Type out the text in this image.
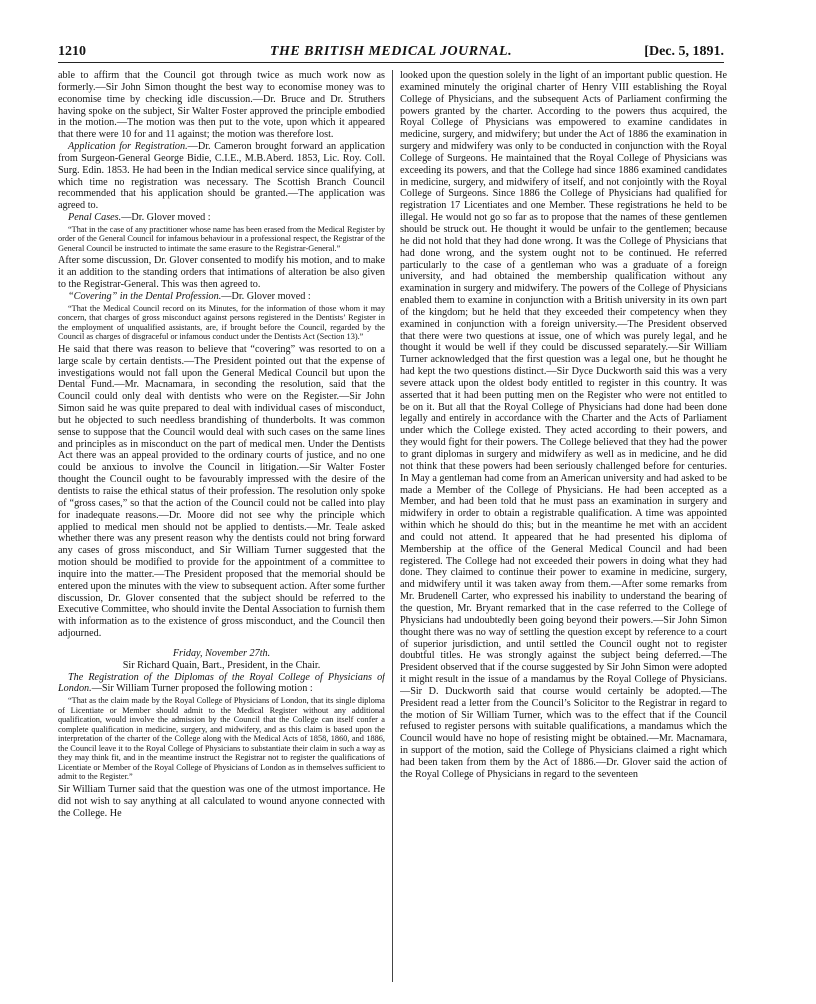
1210	THE BRITISH MEDICAL JOURNAL.	[Dec. 5, 1891.

able to affirm that the Council got through twice as much work now as formerly.—Sir John Simon thought the best way to economise money was to economise time by checking idle discussion.—Dr. Bruce and Dr. Struthers having spoke on the subject, Sir Walter Foster approved the principle embodied in the motion.—The motion was then put to the vote, upon which it appeared that there were 10 for and 11 against; the motion was therefore lost.

Application for Registration.—Dr. Cameron brought forward an application from Surgeon-General George Bidie, C.I.E., M.B.Aberd. 1853, Lic. Roy. Coll. Surg. Edin. 1853. He had been in the Indian medical service since qualifying, at which time no registration was necessary. The Scottish Branch Council recommended that his application should be granted.—The application was agreed to.

Penal Cases.—Dr. Glover moved :

“That in the case of any practitioner whose name has been erased from the Medical Register by order of the General Council for infamous behaviour in a professional respect, the Registrar of the General Council be instructed to intimate the same erasure to the Registrar-General.”

After some discussion, Dr. Glover consented to modify his motion, and to make it an addition to the standing orders that intimations of alteration be also given to the Registrar-General. This was then agreed to.

“Covering” in the Dental Profession.—Dr. Glover moved :

“That the Medical Council record on its Minutes, for the information of those whom it may concern, that charges of gross misconduct against persons registered in the Dentists’ Register in the employment of unqualified assistants, are, if brought before the Council, regarded by the Council as charges of disgraceful or infamous conduct under the Dentists Act (Section 13).”

He said that there was reason to believe that “covering” was resorted to on a large scale by certain dentists.—The President pointed out that the expense of investigations would not fall upon the General Medical Council but upon the Dental Fund.—Mr. Macnamara, in seconding the resolution, said that the Council could only deal with dentists who were on the Register.—Sir John Simon said he was quite prepared to deal with individual cases of misconduct, but he objected to such needless brandishing of thunderbolts. It was common sense to suppose that the Council would deal with such cases on the same lines and principles as in misconduct on the part of medical men. Under the Dentists Act there was an appeal provided to the ordinary courts of justice, and no one could be anxious to involve the Council in litigation.—Sir Walter Foster thought the Council ought to be favourably impressed with the desire of the dentists to raise the ethical status of their profession. The resolution only spoke of “gross cases,” so that the action of the Council could not be called into play for inadequate reasons.—Dr. Moore did not see why the principle which applied to medical men should not be applied to dentists.—Mr. Teale asked whether there was any present reason why the dentists could not bring forward any cases of gross misconduct, and Sir William Turner suggested that the motion should be modified to provide for the appointment of a committee to inquire into the matter.—The President proposed that the memorial should be entered upon the minutes with the view to subsequent action. After some further discussion, Dr. Glover consented that the subject should be referred to the Executive Committee, who should invite the Dental Association to furnish them with information as to the existence of gross misconduct, and the Council then adjourned.

Friday, November 27th.

Sir Richard Quain, Bart., President, in the Chair.

The Registration of the Diplomas of the Royal College of Physicians of London.—Sir William Turner proposed the following motion :

“That as the claim made by the Royal College of Physicians of London, that its single diploma of Licentiate or Member should admit to the Medical Register without any additional qualification, would involve the admission by the Council that the College can itself confer a complete qualification in medicine, surgery, and midwifery, and as this claim is based upon the interpretation of the charter of the College along with the Medical Acts of 1858, 1860, and 1886, the Council leave it to the Royal College of Physicians to substantiate their claim in such a way as they may think fit, and in the meantime instruct the Registrar not to register the qualifications of Licentiate or Member of the Royal College of Physicians of London as in themselves sufficient to admit to the Register.”

Sir William Turner said that the question was one of the utmost importance. He did not wish to say anything at all calculated to wound anyone connected with the College. He

looked upon the question solely in the light of an important public question. He examined minutely the original charter of Henry VIII establishing the Royal College of Physicians, and the subsequent Acts of Parliament confirming the powers granted by the charter. According to the powers thus acquired, the Royal College of Physicians was empowered to examine candidates in medicine, surgery, and midwifery; but under the Act of 1886 the examination in surgery and midwifery was only to be conducted in conjunction with the Royal College of Surgeons. He maintained that the Royal College of Physicians was exceeding its powers, and that the College had since 1886 examined candidates in medicine, surgery, and midwifery of itself, and not conjointly with the Royal College of Surgeons. Since 1886 the College of Physicians had qualified for registration 17 Licentiates and one Member. These registrations he held to be illegal. He would not go so far as to propose that the names of these gentlemen should be struck out. He thought it would be unfair to the gentlemen; because he did not hold that they had done wrong. It was the College of Physicians that had done wrong, and the system ought not to be continued. He referred particularly to the case of a gentleman who was a graduate of a foreign university, and had obtained the membership qualification without any examination in surgery and midwifery. The powers of the College of Physicians enabled them to examine in conjunction with a British university in its own part of the kingdom; but he held that they exceeded their competency when they examined in conjunction with a foreign university.—The President observed that there were two questions at issue, one of which was purely legal, and he thought it would be well if they could be discussed separately.—Sir William Turner acknowledged that the first question was a legal one, but he thought he had kept the two questions distinct.—Sir Dyce Duckworth said this was a very severe attack upon the oldest body entitled to register in this country. It was asserted that it had been putting men on the Register who were not entitled to be on it. But all that the Royal College of Physicians had done had been done legally and entirely in accordance with the Charter and the Acts of Parliament under which the College existed. They acted according to their powers, and they would fight for their powers. The College believed that they had the power to grant diplomas in surgery and midwifery as well as in medicine, and he did not think that these powers had been seriously challenged before for centuries. In May a gentleman had come from an American university and had asked to be made a Member of the College of Physicians. He had been accepted as a Member, and had been told that he must pass an examination in surgery and midwifery in order to obtain a registrable qualification. A time was appointed within which he should do this; but in the meantime he met with an accident and could not attend. It appeared that he had presented his diploma of Membership at the office of the General Medical Council and had been registered. The College had not exceeded their powers in doing what they had done. They claimed to continue their power to examine in medicine, surgery, and midwifery until it was taken away from them.—After some remarks from Mr. Brudenell Carter, who expressed his inability to understand the bearing of the question, Mr. Bryant remarked that in the case referred to the College of Physicians had undoubtedly been going beyond their powers.—Sir John Simon thought there was no way of settling the question except by reference to a court of superior jurisdiction, and until settled the Council ought not to register doubtful titles. He was strongly against the subject being deferred.—The President observed that if the course suggested by Sir John Simon were adopted it might result in the issue of a mandamus by the Royal College of Physicians.—Sir D. Duckworth said that course would certainly be adopted.—The President read a letter from the Council’s Solicitor to the Registrar in regard to the motion of Sir William Turner, which was to the effect that if the Council refused to register persons with suitable qualifications, a mandamus which the Council would have no hope of resisting might be obtained.—Mr. Macnamara, in support of the motion, said the College of Physicians claimed a right which had been taken from them by the Act of 1886.—Dr. Glover said the action of the Royal College of Physicians in regard to the seventeen
